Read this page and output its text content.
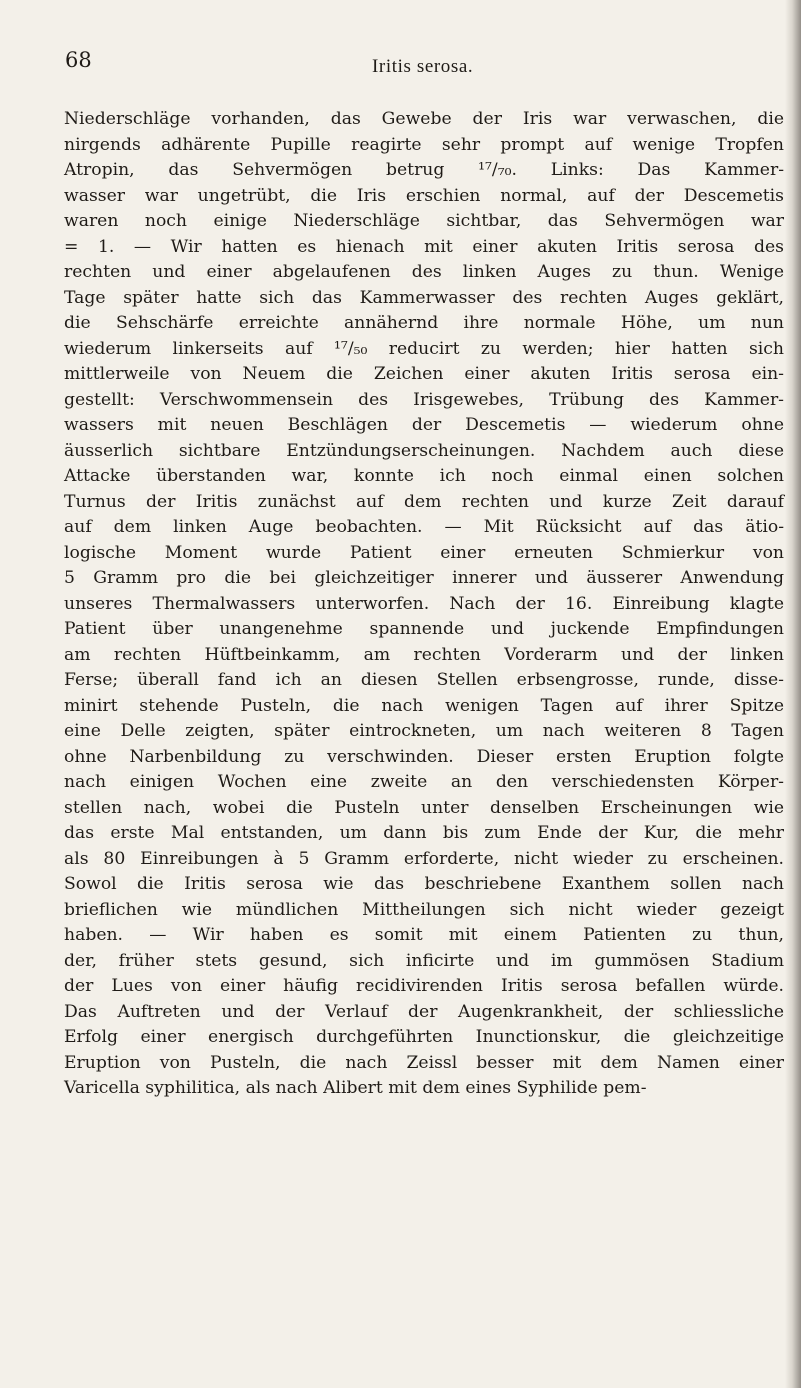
68	Iritis serosa.

Niederschläge vorhanden, das Gewebe der Iris war verwaschen, die
nirgends adhärente Pupille reagirte sehr prompt auf wenige Tropfen
Atropin, das Sehvermögen betrug ¹⁷/₇₀. Links: Das Kammer-
wasser war ungetrübt, die Iris erschien normal, auf der Descemetis
waren noch einige Niederschläge sichtbar, das Sehvermögen war
= 1. — Wir hatten es hienach mit einer akuten Iritis serosa des
rechten und einer abgelaufenen des linken Auges zu thun. Wenige
Tage später hatte sich das Kammerwasser des rechten Auges geklärt,
die Sehschärfe erreichte annähernd ihre normale Höhe, um nun
wiederum linkerseits auf ¹⁷/₅₀ reducirt zu werden; hier hatten sich
mittlerweile von Neuem die Zeichen einer akuten Iritis serosa ein-
gestellt: Verschwommensein des Irisgewebes, Trübung des Kammer-
wassers mit neuen Beschlägen der Descemetis — wiederum ohne
äusserlich sichtbare Entzündungserscheinungen. Nachdem auch diese
Attacke überstanden war, konnte ich noch einmal einen solchen
Turnus der Iritis zunächst auf dem rechten und kurze Zeit darauf
auf dem linken Auge beobachten. — Mit Rücksicht auf das ätio-
logische Moment wurde Patient einer erneuten Schmierkur von
5 Gramm pro die bei gleichzeitiger innerer und äusserer Anwendung
unseres Thermalwassers unterworfen. Nach der 16. Einreibung klagte
Patient über unangenehme spannende und juckende Empfindungen
am rechten Hüftbeinkamm, am rechten Vorderarm und der linken
Ferse; überall fand ich an diesen Stellen erbsengrosse, runde, disse-
minirt stehende Pusteln, die nach wenigen Tagen auf ihrer Spitze
eine Delle zeigten, später eintrockneten, um nach weiteren 8 Tagen
ohne Narbenbildung zu verschwinden. Dieser ersten Eruption folgte
nach einigen Wochen eine zweite an den verschiedensten Körper-
stellen nach, wobei die Pusteln unter denselben Erscheinungen wie
das erste Mal entstanden, um dann bis zum Ende der Kur, die mehr
als 80 Einreibungen à 5 Gramm erforderte, nicht wieder zu erscheinen.
Sowol die Iritis serosa wie das beschriebene Exanthem sollen nach
brieflichen wie mündlichen Mittheilungen sich nicht wieder gezeigt
haben. — Wir haben es somit mit einem Patienten zu thun,
der, früher stets gesund, sich inficirte und im gummösen Stadium
der Lues von einer häufig recidivirenden Iritis serosa befallen würde.
Das Auftreten und der Verlauf der Augenkrankheit, der schliessliche
Erfolg einer energisch durchgeführten Inunctionskur, die gleichzeitige
Eruption von Pusteln, die nach Zeissl besser mit dem Namen einer
Varicella syphilitica, als nach Alibert mit dem eines Syphilide pem-
